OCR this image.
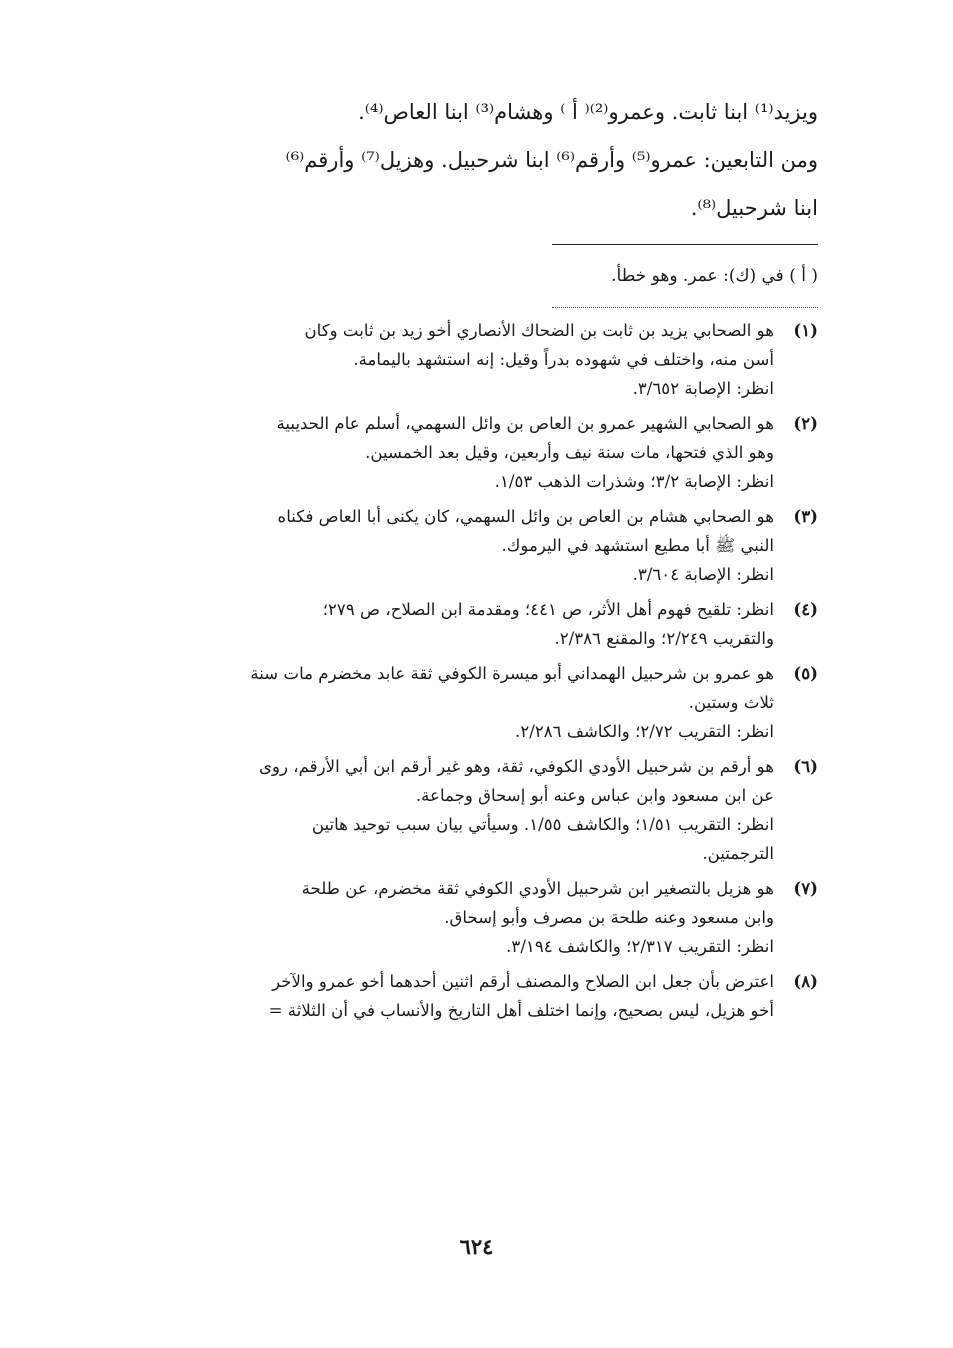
ويزيد⁽¹⁾ ابنا ثابت. وعمرو⁽²⁾⁽ أ ⁾ وهشام⁽³⁾ ابنا العاص⁽⁴⁾.
ومن التابعين: عمرو⁽⁵⁾ وأرقم⁽⁶⁾ ابنا شرحبيل. وهزيل⁽⁷⁾ وأرقم⁽⁶⁾
ابنا شرحبيل⁽⁸⁾.
( أ ) في (ك): عمر. وهو خطأ.
(١)
هو الصحابي يزيد بن ثابت بن الضحاك الأنصاري أخو زيد بن ثابت وكان
أسن منه، واختلف في شهوده بدراً وقيل: إنه استشهد باليمامة.
انظر: الإصابة ٣/٦٥٢.
(٢)
هو الصحابي الشهير عمرو بن العاص بن وائل السهمي، أسلم عام الحديبية
وهو الذي فتحها، مات سنة نيف وأربعين، وقيل بعد الخمسين.
انظر: الإصابة ٣/٢؛ وشذرات الذهب ١/٥٣.
(٣)
هو الصحابي هشام بن العاص بن وائل السهمي، كان يكنى أبا العاص فكناه
النبي ﷺ أبا مطيع استشهد في اليرموك.
انظر: الإصابة ٣/٦٠٤.
(٤)
انظر: تلقيح فهوم أهل الأثر، ص ٤٤١؛ ومقدمة ابن الصلاح، ص ٢٧٩؛
والتقريب ٢/٢٤٩؛ والمقنع ٢/٣٨٦.
(٥)
هو عمرو بن شرحبيل الهمداني أبو ميسرة الكوفي ثقة عابد مخضرم مات سنة
ثلاث وستين.
انظر: التقريب ٢/٧٢؛ والكاشف ٢/٢٨٦.
(٦)
هو أرقم بن شرحبيل الأودي الكوفي، ثقة، وهو غير أرقم ابن أبي الأرقم، روى
عن ابن مسعود وابن عباس وعنه أبو إسحاق وجماعة.
انظر: التقريب ١/٥١؛ والكاشف ١/٥٥. وسيأتي بيان سبب توحيد هاتين
الترجمتين.
(٧)
هو هزيل بالتصغير ابن شرحبيل الأودي الكوفي ثقة مخضرم، عن طلحة
وابن مسعود وعنه طلحة بن مصرف وأبو إسحاق.
انظر: التقريب ٢/٣١٧؛ والكاشف ٣/١٩٤.
(٨)
اعترض بأن جعل ابن الصلاح والمصنف أرقم اثنين أحدهما أخو عمرو والآخر
أخو هزيل، ليس بصحيح، وإنما اختلف أهل التاريخ والأنساب في أن الثلاثة =
٦٢٤
